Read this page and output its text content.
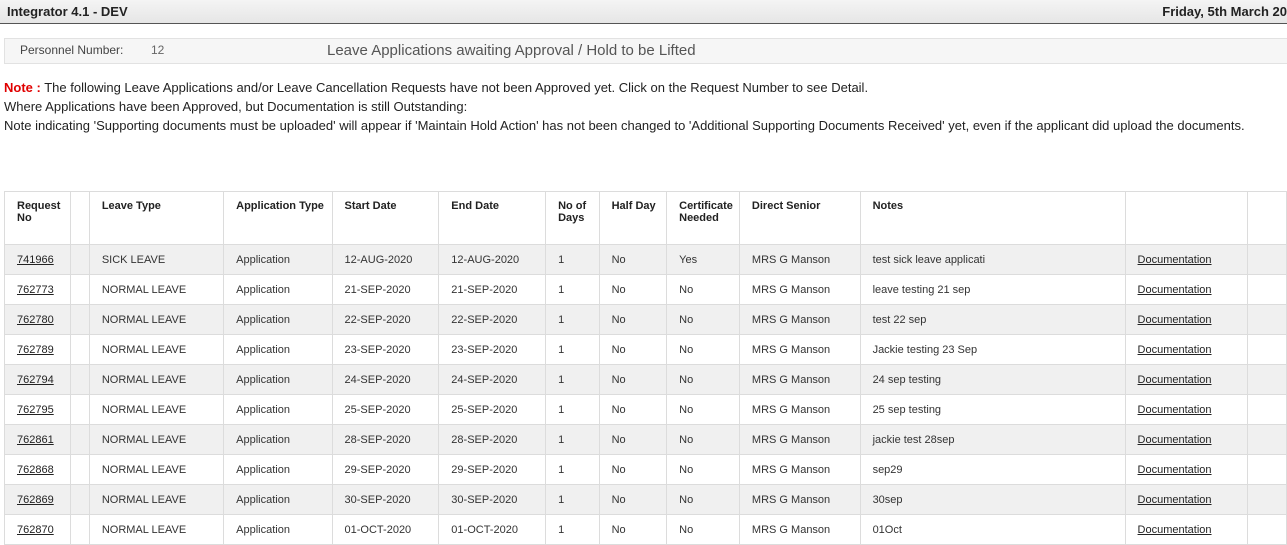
Integrator 4.1 - DEV	Friday, 5th March 20
Personnel Number: 12	Leave Applications awaiting Approval / Hold to be Lifted

Note : The following Leave Applications and/or Leave Cancellation Requests have not been Approved yet. Click on the Request Number to see Detail.

Where Applications have been Approved, but Documentation is still Outstanding:

Note indicating 'Supporting documents must be uploaded' will appear if 'Maintain Hold Action' has not been changed to 'Additional Supporting Documents Received' yet, even if the applicant did upload the documents.

Request No		Leave Type	Application Type	Start Date	End Date	No of Days	Half Day	Certificate Needed	Direct Senior	Notes		
741966		SICK LEAVE	Application	12-AUG-2020	12-AUG-2020	1	No	Yes	MRS G Manson	test sick leave applicati	Documentation	
762773		NORMAL LEAVE	Application	21-SEP-2020	21-SEP-2020	1	No	No	MRS G Manson	leave testing 21 sep	Documentation	
762780		NORMAL LEAVE	Application	22-SEP-2020	22-SEP-2020	1	No	No	MRS G Manson	test 22 sep	Documentation	
762789		NORMAL LEAVE	Application	23-SEP-2020	23-SEP-2020	1	No	No	MRS G Manson	Jackie testing 23 Sep	Documentation	
762794		NORMAL LEAVE	Application	24-SEP-2020	24-SEP-2020	1	No	No	MRS G Manson	24 sep testing	Documentation	
762795		NORMAL LEAVE	Application	25-SEP-2020	25-SEP-2020	1	No	No	MRS G Manson	25 sep testing	Documentation	
762861		NORMAL LEAVE	Application	28-SEP-2020	28-SEP-2020	1	No	No	MRS G Manson	jackie test 28sep	Documentation	
762868		NORMAL LEAVE	Application	29-SEP-2020	29-SEP-2020	1	No	No	MRS G Manson	sep29	Documentation	
762869		NORMAL LEAVE	Application	30-SEP-2020	30-SEP-2020	1	No	No	MRS G Manson	30sep	Documentation	
762870		NORMAL LEAVE	Application	01-OCT-2020	01-OCT-2020	1	No	No	MRS G Manson	01Oct	Documentation	
